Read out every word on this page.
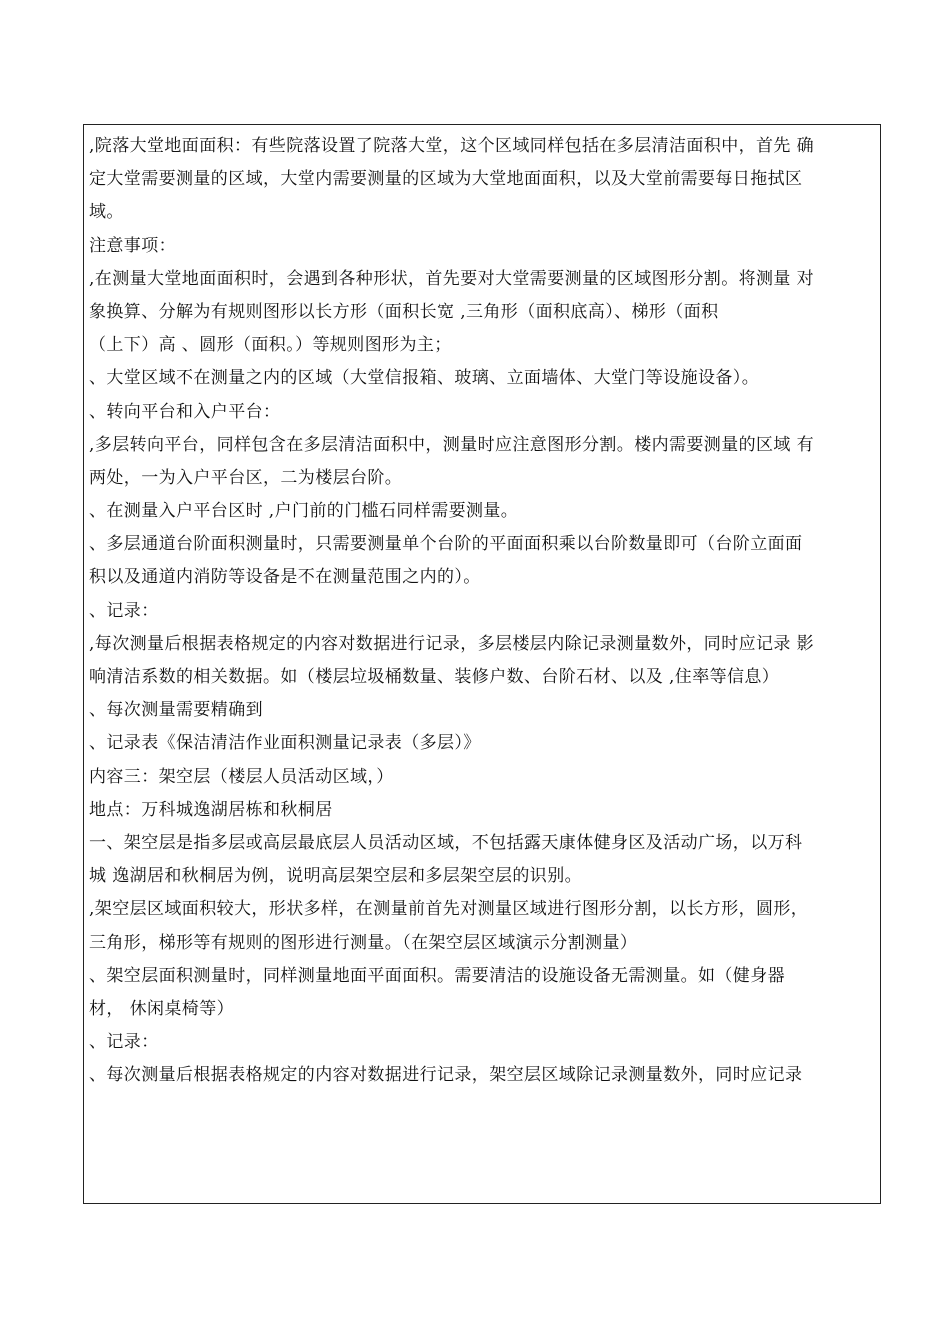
,院落大堂地面面积：有些院落设置了院落大堂，这个区域同样包括在多层清洁面积中，首先 确
定大堂需要测量的区域，大堂内需要测量的区域为大堂地面面积，以及大堂前需要每日拖拭区
域。
注意事项：
,在测量大堂地面面积时，会遇到各种形状，首先要对大堂需要测量的区域图形分割。将测量 对
象换算、分解为有规则图形以长方形（面积长宽 ,三角形（面积底高）、梯形（面积
（上下）高 、圆形（面积。）等规则图形为主；
、大堂区域不在测量之内的区域（大堂信报箱、玻璃、立面墙体、大堂门等设施设备）。
、转向平台和入户平台：
,多层转向平台，同样包含在多层清洁面积中，测量时应注意图形分割。楼内需要测量的区域 有
两处，一为入户平台区，二为楼层台阶。
、在测量入户平台区时 ,户门前的门槛石同样需要测量。
、多层通道台阶面积测量时，只需要测量单个台阶的平面面积乘以台阶数量即可（台阶立面面
积以及通道内消防等设备是不在测量范围之内的）。
、记录：
,每次测量后根据表格规定的内容对数据进行记录，多层楼层内除记录测量数外，同时应记录 影
响清洁系数的相关数据。如（楼层垃圾桶数量、装修户数、台阶石材、以及 ,住率等信息）
、每次测量需要精确到
、记录表《保洁清洁作业面积测量记录表（多层）》
内容三：架空层（楼层人员活动区域，）
地点：万科城逸湖居栋和秋桐居
一、架空层是指多层或高层最底层人员活动区域，不包括露天康体健身区及活动广场，以万科
城 逸湖居和秋桐居为例，说明高层架空层和多层架空层的识别。
,架空层区域面积较大，形状多样，在测量前首先对测量区域进行图形分割，以长方形，圆形，
三角形，梯形等有规则的图形进行测量。（在架空层区域演示分割测量）
、架空层面积测量时，同样测量地面平面面积。需要清洁的设施设备无需测量。如（健身器
材， 休闲桌椅等）
、记录：
、每次测量后根据表格规定的内容对数据进行记录，架空层区域除记录测量数外，同时应记录
